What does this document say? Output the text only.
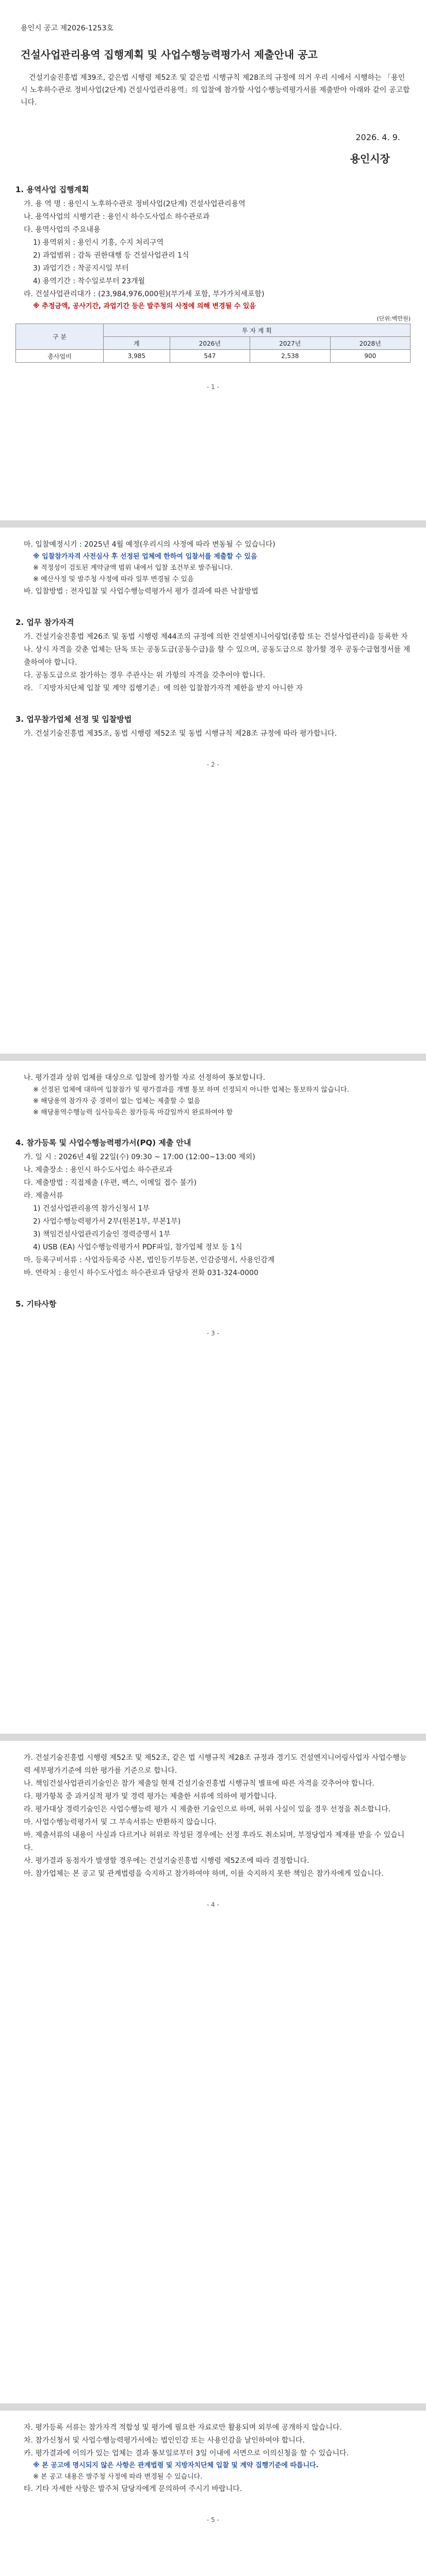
용인시 공고 제2026-1253호

건설사업관리용역 집행계획 및 사업수행능력평가서 제출안내 공고

건설기술진흥법 제39조, 같은법 시행령 제52조 및 같은법 시행규칙 제28조의 규정에 의거 우리 시에서 시행하는 「용인시 노후하수관로 정비사업(2단계) 건설사업관리용역」의 입찰에 참가할 사업수행능력평가서를 제출받아 아래와 같이 공고합니다.

2026. 4. 9.

용인시장

1. 용역사업 집행계획

가. 용 역 명 : 용인시 노후하수관로 정비사업(2단계) 건설사업관리용역

나. 용역사업의 시행기관 : 용인시 하수도사업소 하수관로과

다. 용역사업의 주요내용

1) 용역위치 : 용인시 기흥, 수지 처리구역

2) 과업범위 : 감독 권한대행 등 건설사업관리 1식

3) 과업기간 : 착공지시일 부터

4) 용역기간 : 착수일로부터 23개월

라. 건설사업관리대가 : (23,984,976,000원)(부가세 포함, 부가가치세포함)

※ 추정금액, 공사기간, 과업기간 등은 발주청의 사정에 의해 변경될 수 있음

(단위:백만원)

구 분	투 자 계 획			
	계	2026년	2027년	2028년
총사업비	3,985	547	2,538	900

- 1 -

마. 입찰예정시기 : 2025년 4월 예정(우리시의 사정에 따라 변동될 수 있습니다)

※ 입찰참가자격 사전심사 후 선정된 업체에 한하여 입찰서를 제출할 수 있음

※ 적정성이 검토된 계약금액 범위 내에서 입찰 조건부로 발주됩니다.

※ 예산사정 및 발주청 사정에 따라 일부 변경될 수 있음

바. 입찰방법 : 전자입찰 및 사업수행능력평가서 평가 결과에 따른 낙찰방법

2. 업무 참가자격

가. 건설기술진흥법 제26조 및 동법 시행령 제44조의 규정에 의한 건설엔지니어링업(종합 또는 건설사업관리)을 등록한 자

나. 상시 자격을 갖춘 업체는 단독 또는 공동도급(공동수급)을 할 수 있으며, 공동도급으로 참가할 경우 공동수급협정서를 제출하여야 합니다.

다. 공동도급으로 참가하는 경우 주관사는 위 가항의 자격을 갖추어야 합니다.

라. 「지방자치단체 입찰 및 계약 집행기준」에 의한 입찰참가자격 제한을 받지 아니한 자

3. 업무참가업체 선정 및 입찰방법

가. 건설기술진흥법 제35조, 동법 시행령 제52조 및 동법 시행규칙 제28조 규정에 따라 평가합니다.

- 2 -

나. 평가결과 상위 업체를 대상으로 입찰에 참가할 자로 선정하여 통보합니다.

※ 선정된 업체에 대하여 입찰참가 및 평가결과를 개별 통보 하며 선정되지 아니한 업체는 통보하지 않습니다.

※ 해당용역 참가자 중 경력이 없는 업체는 제출할 수 없음

※ 해당용역수행능력 심사등록은 참가등록 마감일까지 완료하여야 함

4. 참가등록 및 사업수행능력평가서(PQ) 제출 안내

가. 일 시 : 2026년 4월 22일(수) 09:30 ~ 17:00 (12:00~13:00 제외)

나. 제출장소 : 용인시 하수도사업소 하수관로과

다. 제출방법 : 직접제출 (우편, 팩스, 이메일 접수 불가)

라. 제출서류

1) 건설사업관리용역 참가신청서 1부

2) 사업수행능력평가서 2부(원본1부, 부본1부)

3) 책임건설사업관리기술인 경력증명서 1부

4) USB (EA) 사업수행능력평가서 PDF파일, 참가업체 정보 등 1식

마. 등록구비서류 : 사업자등록증 사본, 법인등기부등본, 인감증명서, 사용인감계

바. 연락처 : 용인시 하수도사업소 하수관로과 담당자 전화 031-324-0000

5. 기타사항

- 3 -

가. 건설기술진흥법 시행령 제52조 및 제52조, 같은 법 시행규칙 제28조 규정과 경기도 건설엔지니어링사업자 사업수행능력 세부평가기준에 의한 평가를 기준으로 합니다.

나. 책임건설사업관리기술인은 참가 제출일 현재 건설기술진흥법 시행규칙 별표에 따른 자격을 갖추어야 합니다.

다. 평가항목 중 과거실적 평가 및 경력 평가는 제출한 서류에 의하여 평가합니다.

라. 평가대상 경력기술인은 사업수행능력 평가 시 제출한 기술인으로 하며, 허위 사실이 있을 경우 선정을 취소합니다.

마. 사업수행능력평가서 및 그 부속서류는 반환하지 않습니다.

바. 제출서류의 내용이 사실과 다르거나 허위로 작성된 경우에는 선정 후라도 취소되며, 부정당업자 제재를 받을 수 있습니다.

사. 평가결과 동점자가 발생할 경우에는 건설기술진흥법 시행령 제52조에 따라 결정합니다.

아. 참가업체는 본 공고 및 관계법령을 숙지하고 참가하여야 하며, 이를 숙지하지 못한 책임은 참가자에게 있습니다.

- 4 -

자. 평가등록 서류는 참가자격 적합성 및 평가에 필요한 자료로만 활용되며 외부에 공개하지 않습니다.

차. 참가신청서 및 사업수행능력평가서에는 법인인감 또는 사용인감을 날인하여야 합니다.

카. 평가결과에 이의가 있는 업체는 결과 통보일로부터 3일 이내에 서면으로 이의신청을 할 수 있습니다.

※ 본 공고에 명시되지 않은 사항은 관계법령 및 지방자치단체 입찰 및 계약 집행기준에 따릅니다.

※ 본 공고 내용은 발주청 사정에 따라 변경될 수 있습니다.

타. 기타 자세한 사항은 발주처 담당자에게 문의하여 주시기 바랍니다.

- 5 -
